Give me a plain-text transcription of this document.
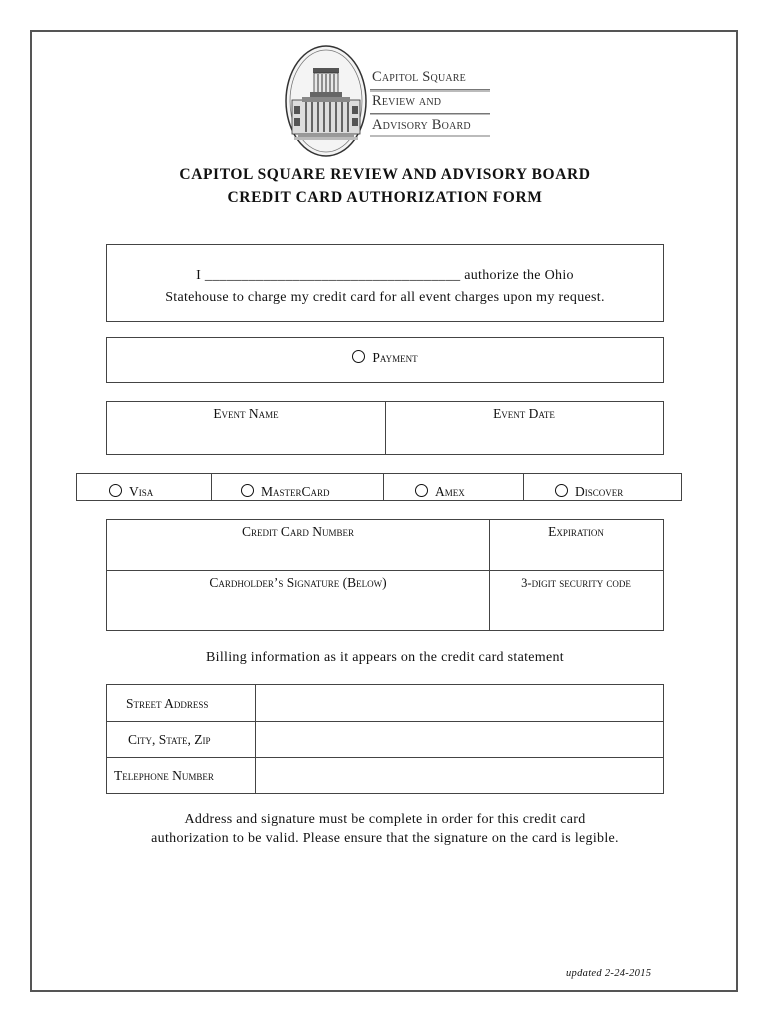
Capitol Square
Review and
Advisory Board
CAPITOL SQUARE REVIEW AND ADVISORY BOARD
CREDIT CARD AUTHORIZATION FORM
I ___________________________________ authorize the Ohio
Statehouse to charge my credit card for all event charges upon my request.
Payment
Event Name	Event Date
Visa	MasterCard	Amex	Discover
Credit Card Number	Expiration
Cardholder’s Signature (Below)	3-digit security code
Billing information as it appears on the credit card statement
Street Address
City, State, Zip
Telephone Number
Address and signature must be complete in order for this credit card
authorization to be valid. Please ensure that the signature on the card is legible.
updated 2-24-2015
